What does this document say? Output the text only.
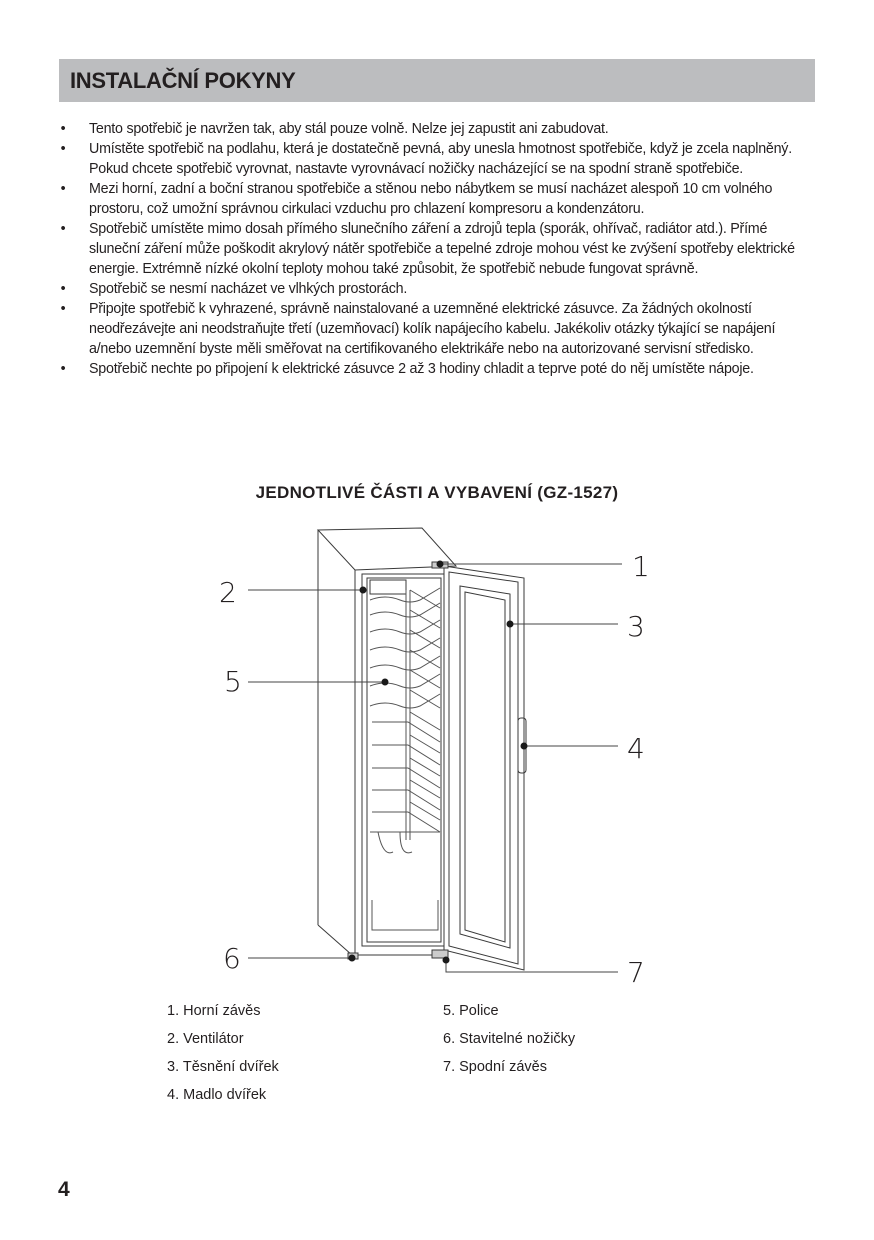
INSTALAČNÍ POKYNY
• Tento spotřebič je navržen tak, aby stál pouze volně. Nelze jej zapustit ani zabudovat.
• Umístěte spotřebič na podlahu, která je dostatečně pevná, aby unesla hmotnost spotřebiče, když je zcela naplněný. Pokud chcete spotřebič vyrovnat, nastavte vyrovnávací nožičky nacházející se na spodní straně spotřebiče.
• Mezi horní, zadní a boční stranou spotřebiče a stěnou nebo nábytkem se musí nacházet alespoň 10 cm volného prostoru, což umožní správnou cirkulaci vzduchu pro chlazení kompresoru a kondenzátoru.
• Spotřebič umístěte mimo dosah přímého slunečního záření a zdrojů tepla (sporák, ohřívač, radiátor atd.). Přímé sluneční záření může poškodit akrylový nátěr spotřebiče a tepelné zdroje mohou vést ke zvýšení spotřeby elektrické energie. Extrémně nízké okolní teploty mohou také způsobit, že spotřebič nebude fungovat správně.
• Spotřebič se nesmí nacházet ve vlhkých prostorách.
• Připojte spotřebič k vyhrazené, správně nainstalované a uzemněné elektrické zásuvce. Za žádných okolností neodřezávejte ani neodstraňujte třetí (uzemňovací) kolík napájecího kabelu. Jakékoliv otázky týkající se napájení a/nebo uzemnění byste měli směřovat na certifikovaného elektrikáře nebo na autorizované servisní středisko.
• Spotřebič nechte po připojení k elektrické zásuvce 2 až 3 hodiny chladit a teprve poté do něj umístěte nápoje.
JEDNOTLIVÉ ČÁSTI A VYBAVENÍ (GZ-1527)
1
2
3
4
5
6	7
1. Horní závěs
2. Ventilátor
3. Těsnění dvířek
4. Madlo dvířek
5. Police
6. Stavitelné nožičky
7. Spodní závěs
4
